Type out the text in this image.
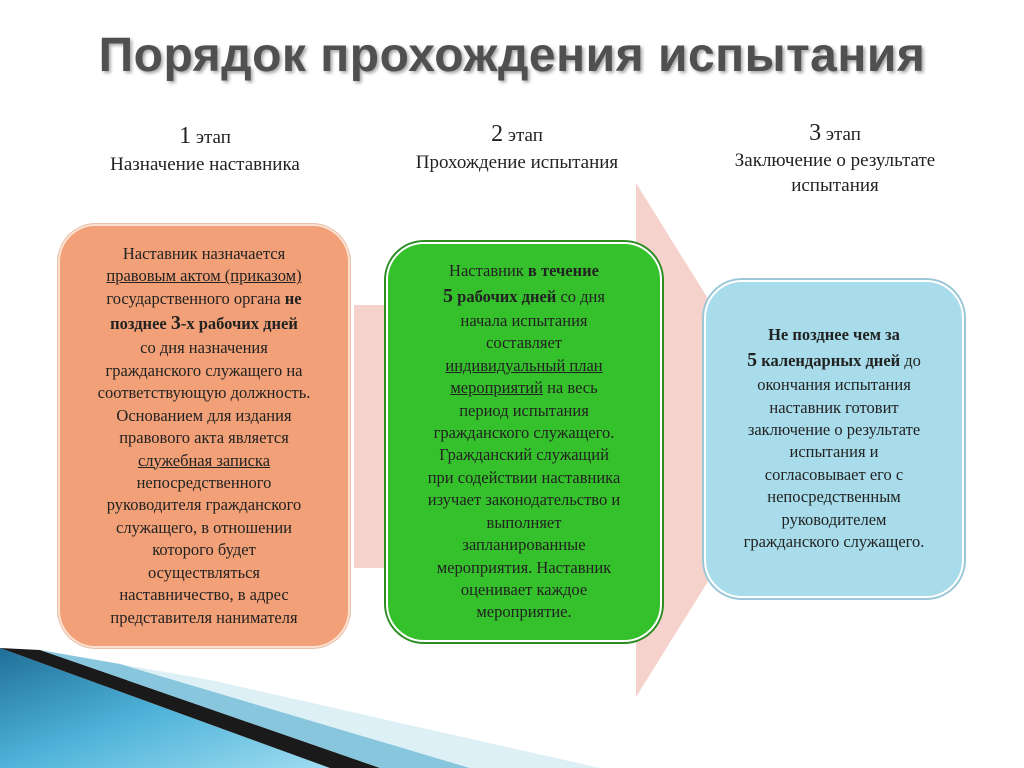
Порядок прохождения испытания
1 этап
Назначение наставника
2 этап
Прохождение испытания
3 этап
Заключение о результате
испытания
Наставник назначается
правовым актом (приказом)
государственного органа не
позднее 3-х рабочих дней
со дня назначения
гражданского служащего на
соответствующую должность.
Основанием для издания
правового акта является
служебная записка
непосредственного
руководителя гражданского
служащего, в отношении
которого будет
осуществляться
наставничество, в адрес
представителя нанимателя
Наставник в течение
5 рабочих дней со дня
начала испытания
составляет
индивидуальный план
мероприятий на весь
период испытания
гражданского служащего.
Гражданский служащий
при содействии наставника
изучает законодательство и
выполняет
запланированные
мероприятия. Наставник
оценивает каждое
мероприятие.
Не позднее чем за
5 календарных дней до
окончания испытания
наставник готовит
заключение о результате
испытания и
согласовывает его с
непосредственным
руководителем
гражданского служащего.
